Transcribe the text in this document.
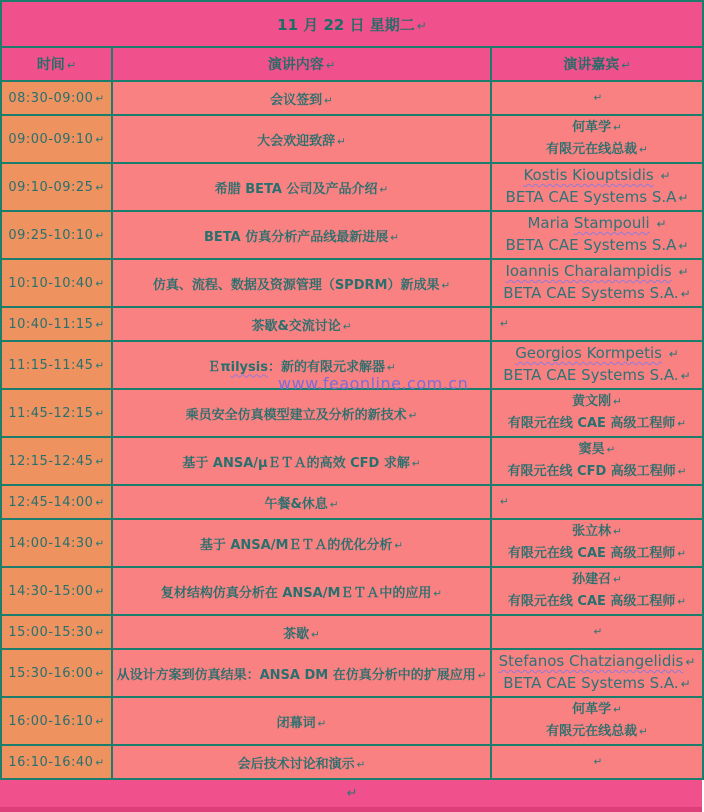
11 月 22 日 星期二 ↵		
时间 ↵	演讲内容 ↵	演讲嘉宾 ↵
08:30-09:00 ↵	会议签到 ↵	↵
09:00-09:10 ↵	大会欢迎致辞 ↵	何革学 ↵
有限元在线总裁 ↵

09:10-09:25 ↵	希腊 BETA 公司及产品介绍 ↵	Kostis Kiouptsidis ↵
BETA CAE Systems S.A ↵

09:25-10:10 ↵	BETA 仿真分析产品线最新进展 ↵	Maria Stampouli ↵
BETA CAE Systems S.A ↵

10:10-10:40 ↵	仿真、流程、数据及资源管理（SPDRM）新成果 ↵	Ioannis Charalampidis ↵
BETA CAE Systems S.A. ↵

10:40-11:15 ↵	茶歇&交流讨论 ↵	↵
11:15-11:45 ↵	Ｅπilysis：新的有限元求解器 ↵	Georgios Kormpetis ↵
BETA CAE Systems S.A. ↵

11:45-12:15 ↵	乘员安全仿真模型建立及分析的新技术 ↵	黄文刚 ↵
有限元在线 CAE 高级工程师 ↵

12:15-12:45 ↵	基于 ANSA/μＥＴＡ的高效 CFD 求解 ↵	窦昊 ↵
有限元在线 CFD 高级工程师 ↵

12:45-14:00 ↵	午餐&休息 ↵	↵
14:00-14:30 ↵	基于 ANSA/MＥＴＡ的优化分析 ↵	张立林 ↵
有限元在线 CAE 高级工程师 ↵

14:30-15:00 ↵	复材结构仿真分析在 ANSA/MＥＴＡ中的应用 ↵	孙建召 ↵
有限元在线 CAE 高级工程师 ↵

15:00-15:30 ↵	茶歇 ↵	↵
15:30-16:00 ↵	从设计方案到仿真结果：ANSA DM 在仿真分析中的扩展应用 ↵	Stefanos Chatziangelidis ↵
BETA CAE Systems S.A. ↵

16:00-16:10 ↵	闭幕词 ↵	何革学 ↵
有限元在线总裁 ↵

16:10-16:40 ↵	会后技术讨论和演示 ↵	↵
↵
www.feaonline.com.cn
